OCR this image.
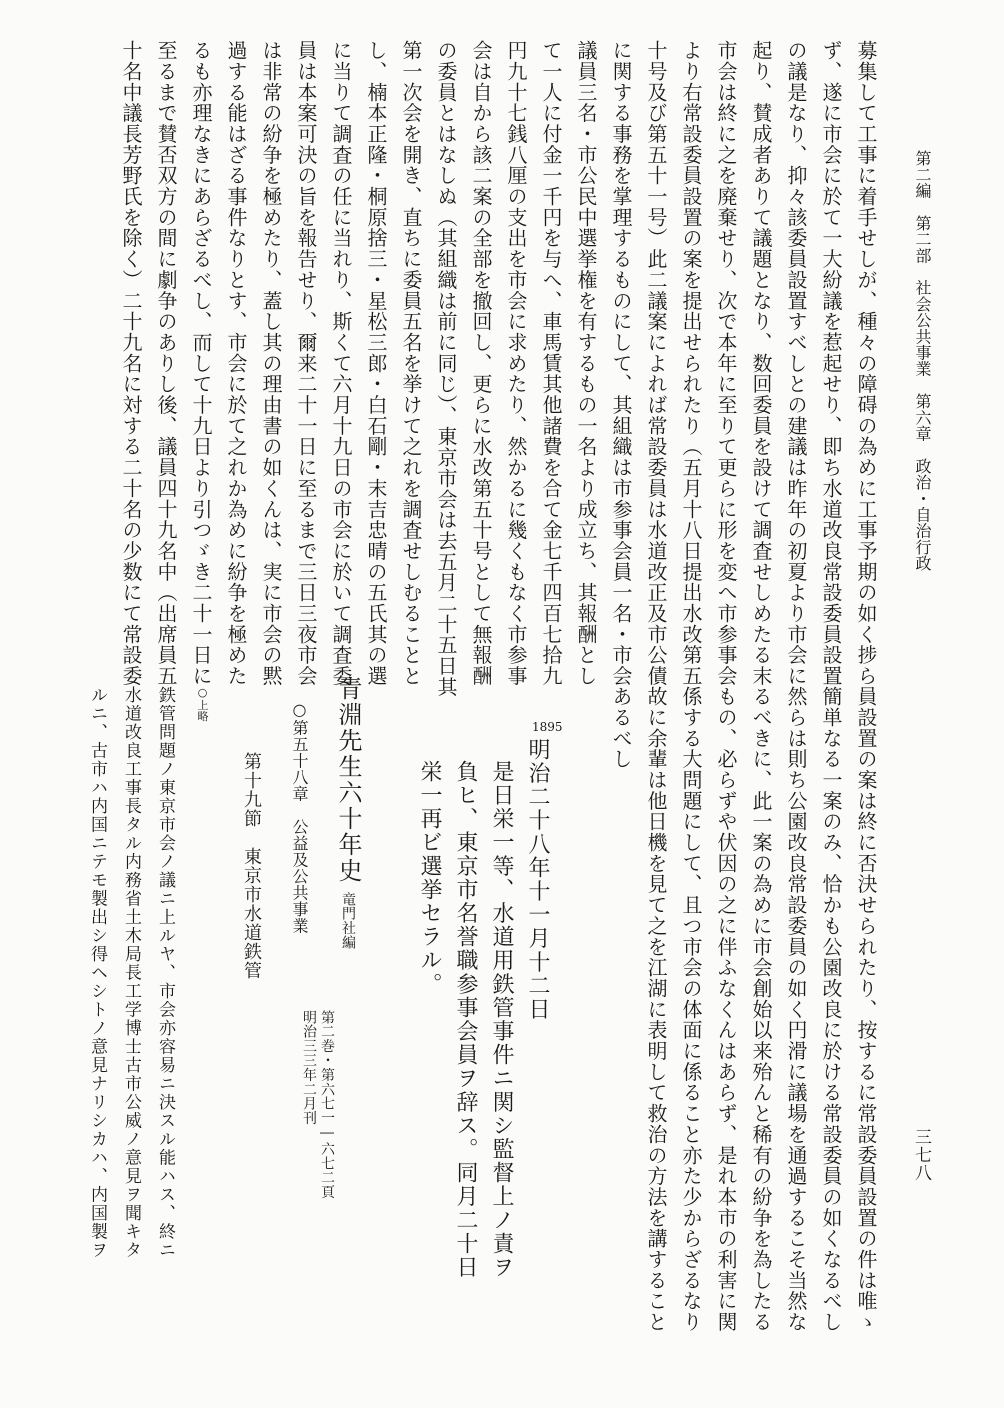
第二編　第二部　社会公共事業　第六章　政治・自治行政
募集して工事に着手せしが、種々の障碍の為めに工事予期の如く捗ら
ず、遂に市会に於て一大紛議を惹起せり、即ち水道改良常設委員設置
の議是なり、抑々該委員設置すべしとの建議は昨年の初夏より市会に
起り、賛成者ありて議題となり、数回委員を設けて調査せしめたる末
市会は終に之を廃棄せり、次で本年に至りて更らに形を変へ市参事会
より右常設委員設置の案を提出せられたり（五月十八日提出水改第五
十号及び第五十一号）此二議案によれば常設委員は水道改正及市公債
に関する事務を掌理するものにして、其組織は市参事会員一名・市会
議員三名・市公民中選挙権を有するもの一名より成立ち、其報酬とし
て一人に付金一千円を与へ、車馬賃其他諸費を合て金七千四百七拾九
円九十七銭八厘の支出を市会に求めたり、然かるに幾くもなく市参事
会は自から該二案の全部を撤回し、更らに水改第五十号として無報酬
の委員とはなしぬ（其組織は前に同じ）、東京市会は去五月二十五日其
第一次会を開き、直ちに委員五名を挙けて之れを調査せしむることと
し、楠本正隆・桐原捨三・星松三郎・白石剛・末吉忠晴の五氏其の選
に当りて調査の任に当れり、斯くて六月十九日の市会に於いて調査委
員は本案可決の旨を報告せり、爾来二十一日に至るまで三日三夜市会
は非常の紛争を極めたり、蓋し其の理由書の如くんは、実に市会の黙
過する能はざる事件なりとす、市会に於て之れか為めに紛争を極めた
るも亦理なきにあらざるべし、而して十九日より引つゞき二十一日に
至るまで賛否双方の間に劇争のありし後、議員四十九名中（出席員五
十名中議長芳野氏を除く）二十九名に対する二十名の少数にて常設委
三七八
員設置の案は終に否決せられたり、按するに常設委員設置の件は唯ゝ
簡単なる一案のみ、恰かも公園改良に於ける常設委員の如くなるべし
然らは則ち公園改良常設委員の如く円滑に議場を通過するこそ当然な
るべきに、此一案の為めに市会創始以来殆んと稀有の紛争を為したる
もの、必らずや伏因の之に伴ふなくんはあらず、是れ本市の利害に関
係する大問題にして、且つ市会の体面に係ること亦た少からざるなり
故に余輩は他日機を見て之を江湖に表明して救治の方法を講すること
あるべし
1895
明治二十八年十一月十二日
是日栄一等、水道用鉄管事件ニ関シ監督上ノ責ヲ
負ヒ、東京市名誉職参事会員ヲ辞ス。同月二十日
栄一再ビ選挙セラル。
青淵先生六十年史
竜門社編
第二巻・第六七一―六七二頁
明治三三年二月刊
○第五十八章　公益及公共事業
第十九節　東京市水道鉄管
○上略
鉄管問題ノ東京市会ノ議ニ上ルヤ、市会亦容易ニ決スル能ハス、終ニ
水道改良工事長タル内務省土木局長工学博士古市公威ノ意見ヲ聞キタ
ルニ、古市ハ内国ニテモ製出シ得ヘシトノ意見ナリシカハ、内国製ヲ
